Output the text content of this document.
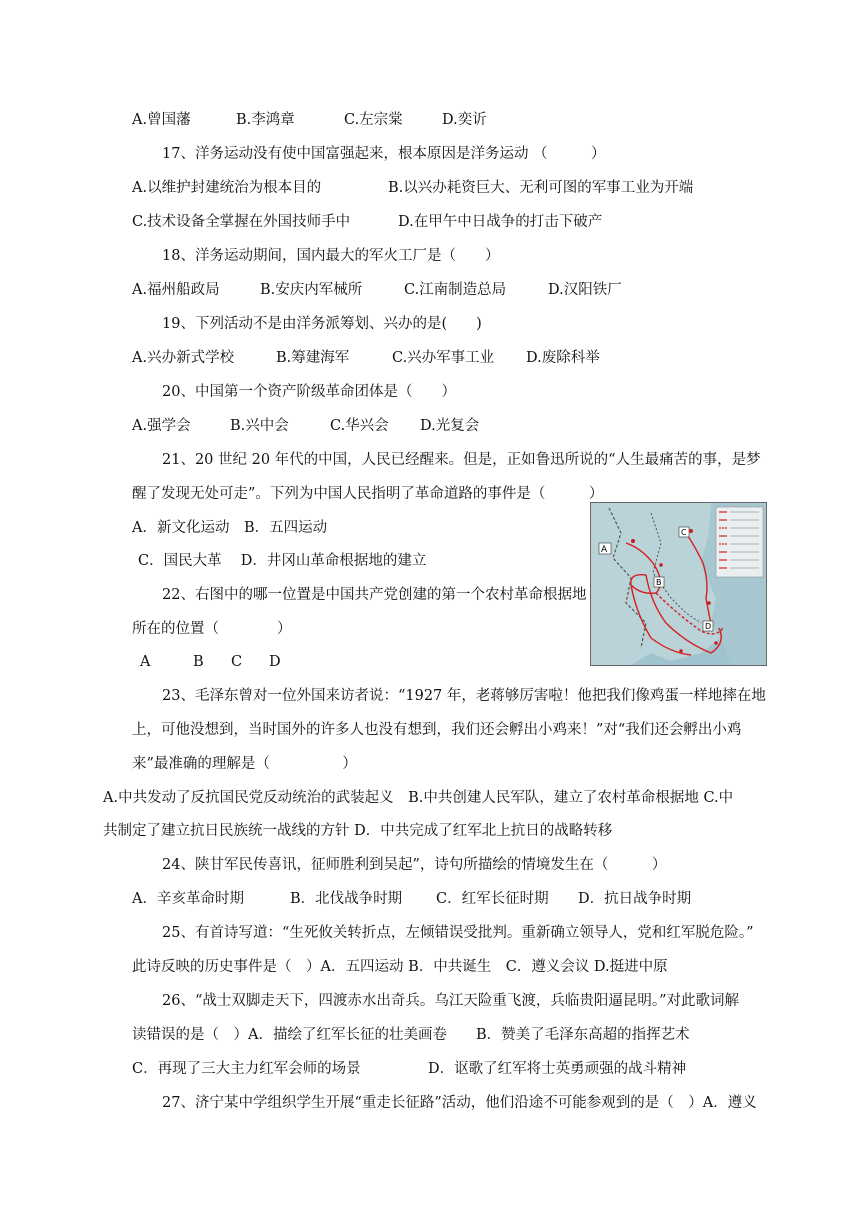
A.曾国藩	B.李鸿章	C.左宗棠	D.奕䜣
17、洋务运动没有使中国富强起来，根本原因是洋务运动 （　　　）
A.以维护封建统治为根本目的	B.以兴办耗资巨大、无利可图的军事工业为开端
C.技术设备全掌握在外国技师手中	D.在甲午中日战争的打击下破产
18、洋务运动期间，国内最大的军火工厂是（　　）
A.福州船政局	B.安庆内军械所	C.江南制造总局	D.汉阳铁厂
19、下列活动不是由洋务派筹划、兴办的是(　　)
A.兴办新式学校	B.筹建海军	C.兴办军事工业 D.废除科举
20、中国第一个资产阶级革命团体是（　　）
A.强学会	B.兴中会	C.华兴会 D.光复会
21、20 世纪 20 年代的中国，人民已经醒来。但是，正如鲁迅所说的“人生最痛苦的事，是梦
醒了发现无处可走”。下列为中国人民指明了革命道路的事件是（　　　）
A．新文化运动　B．五四运动
C．国民大革　 D．井冈山革命根据地的建立
22、右图中的哪一位置是中国共产党创建的第一个农村革命根据地
所在的位置（　　　　）
A	B C D
A
B
C
D
23、毛泽东曾对一位外国来访者说：“1927 年，老蒋够厉害啦！他把我们像鸡蛋一样地摔在地
上，可他没想到，当时国外的许多人也没有想到，我们还会孵出小鸡来！”对“我们还会孵出小鸡
来”最准确的理解是（　　　　　）
A.中共发动了反抗国民党反动统治的武装起义　B.中共创建人民军队，建立了农村革命根据地 C.中
共制定了建立抗日民族统一战线的方针 D．中共完成了红军北上抗日的战略转移
24、陕甘军民传喜讯，征师胜利到吴起”，诗句所描绘的情境发生在（　　　）
A．辛亥革命时期	B．北伐战争时期 C．红军长征时期 D．抗日战争时期
25、有首诗写道：“生死攸关转折点，左倾错误受批判。重新确立领导人，党和红军脱危险。”
此诗反映的历史事件是（　）A．五四运动 B．中共诞生　C．遵义会议 D.挺进中原
26、“战士双脚走天下，四渡赤水出奇兵。乌江天险重飞渡，兵临贵阳逼昆明。”对此歌词解
读错误的是（　）A．描绘了红军长征的壮美画卷　　B．赞美了毛泽东高超的指挥艺术
C．再现了三大主力红军会师的场景	D．讴歌了红军将士英勇顽强的战斗精神
27、济宁某中学组织学生开展“重走长征路”活动，他们沿途不可能参观到的是（　）A．遵义
